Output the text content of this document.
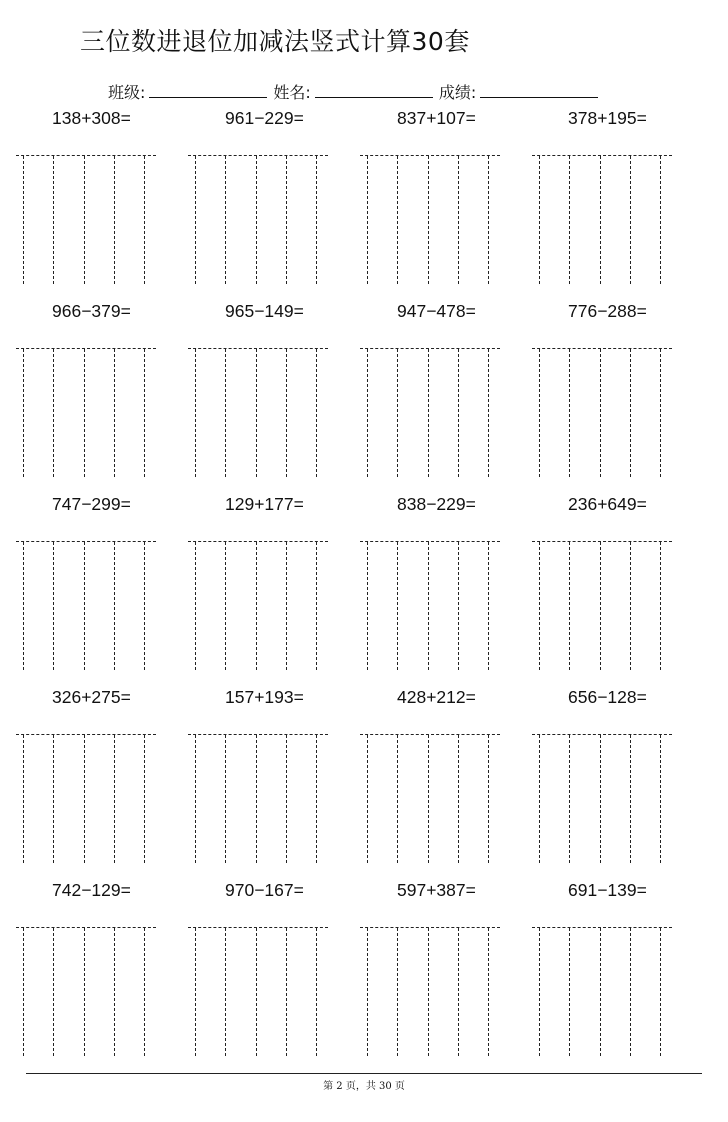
三位数进退位加减法竖式计算30套
班级:	姓名:	成绩:
138+308=	961−229=	837+107=	378+195=
966−379=	965−149=	947−478=	776−288=
747−299=	129+177=	838−229=	236+649=
326+275=	157+193=	428+212=	656−128=
742−129=	970−167=	597+387=	691−139=
第 2 页，共 30 页
